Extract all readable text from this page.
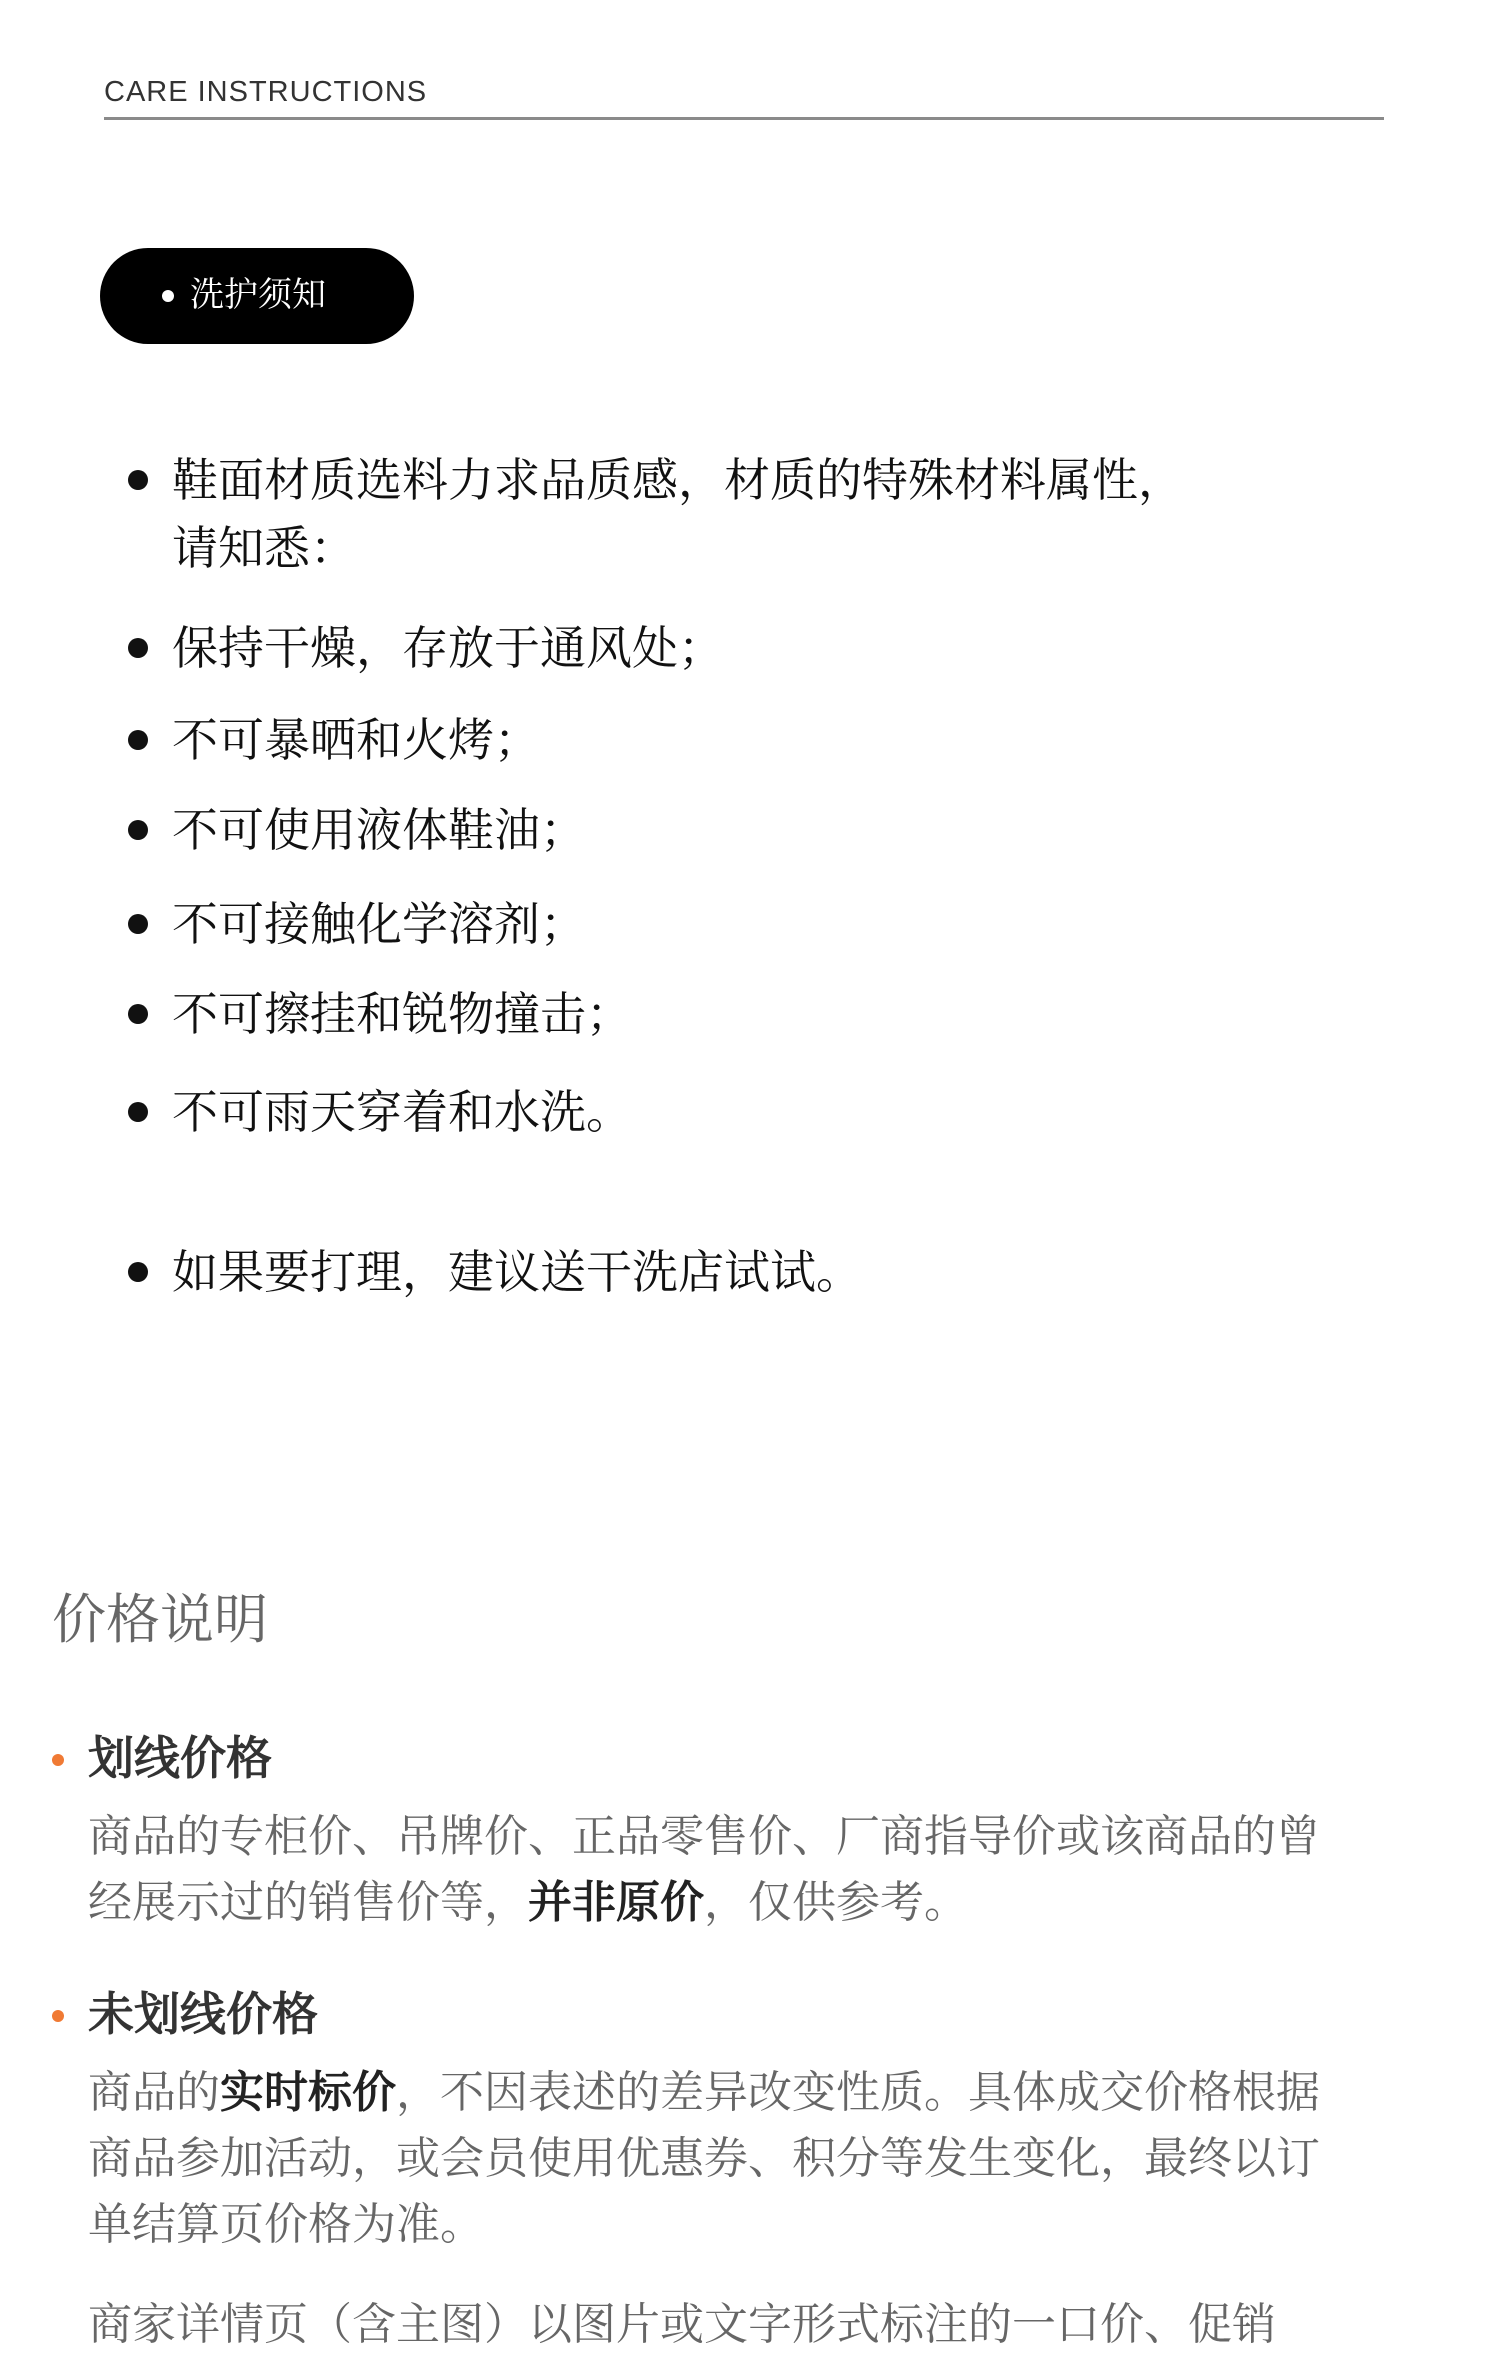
CARE INSTRUCTIONS
洗护须知
鞋面材质选料力求品质感，材质的特殊材料属性，
请知悉：
保持干燥，存放于通风处；
不可暴晒和火烤；
不可使用液体鞋油；
不可接触化学溶剂；
不可擦挂和锐物撞击；
不可雨天穿着和水洗。
如果要打理，建议送干洗店试试。
价格说明
划线价格
商品的专柜价、吊牌价、正品零售价、厂商指导价或该商品的曾
经展示过的销售价等，并非原价，仅供参考。
未划线价格
商品的实时标价，不因表述的差异改变性质。具体成交价格根据
商品参加活动，或会员使用优惠券、积分等发生变化，最终以订
单结算页价格为准。
商家详情页（含主图）以图片或文字形式标注的一口价、促销
